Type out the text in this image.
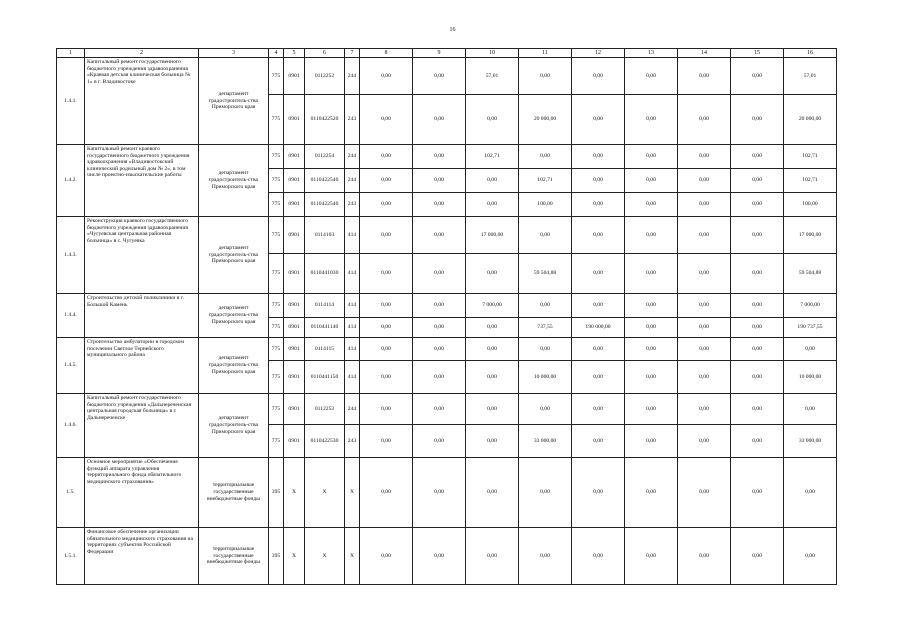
16
1	2	3	4	5	6	7	8	9	10	11	12	13	14	15	16
1.4.1.	Капитальный ремонт государственного бюджетного учреждения здравоохранения «Краевая детская клиническая больница № 1» в г. Владивостоке	департамент градостроитель-ства Приморского края	775	0901	0112252	244	0,00	0,00	57,01	0,00	0,00	0,00	0,00	0,00	57,01
			775	0901	0110422520	243	0,00	0,00	0,00	20 000,00	0,00	0,00	0,00	0,00	20 000,00
1.4.2.	Капитальный ремонт краевого государственного бюджетного учреждения здравоохранения «Владивостокский клинический родильный дом № 2», в том числе проектно-изыскательские работы	департамент градостроитель-ства Приморского края	775	0901	0112254	244	0,00	0,00	102,71	0,00	0,00	0,00	0,00	0,00	102,71
			775	0901	0110422540	244	0,00	0,00	0,00	102,71	0,00	0,00	0,00	0,00	102,71
			775	0901	0110422540	243	0,00	0,00	0,00	100,00	0,00	0,00	0,00	0,00	100,00
1.4.3.	Реконструкция краевого государственного бюджетного учреждения здравоохранения «Чугуевская центральная районная больница» в с. Чугуевка	департамент градостроитель-ства Приморского края	775	0901	0114103	414	0,00	0,00	17 000,00	0,00	0,00	0,00	0,00	0,00	17 000,00
			775	0901	0110441030	414	0,00	0,00	0,00	59 504,88	0,00	0,00	0,00	0,00	59 504,88
1.4.4.	Строительство детской поликлиники в г. Большой Камень	департамент градостроитель-ства Приморского края	775	0901	0114114	414	0,00	0,00	7 000,00	0,00	0,00	0,00	0,00	0,00	7 000,00
			775	0901	0110441140	414	0,00	0,00	0,00	737,55	190 000,00	0,00	0,00	0,00	190 737,55
1.4.5.	Строительство амбулатории в городском поселении Светлое Тернейского муниципального района	департамент градостроитель-ства Приморского края	775	0901	0114115	414	0,00	0,00	0,00	0,00	0,00	0,00	0,00	0,00	0,00
			775	0901	0110441150	414	0,00	0,00	0,00	10 000,00	0,00	0,00	0,00	0,00	10 000,00
1.4.6.	Капитальный ремонт государственного бюджетного учреждения «Дальнереченская центральная городская больница» в г. Дальнереченске	департамент градостроитель-ства Приморского края	775	0901	0112253	244	0,00	0,00	0,00	0,00	0,00	0,00	0,00	0,00	0,00
			775	0901	0110422530	243	0,00	0,00	0,00	33 000,00	0,00	0,00	0,00	0,00	33 000,00
1.5.	Основное мероприятие «Обеспечение функций аппарата управления территориального фонда обязательного медицинского страхования»	территориальные государственные внебюджетные фонды	395	X	X	X	0,00	0,00	0,00	0,00	0,00	0,00	0,00	0,00	0,00
1.5.1.	Финансовое обеспечение организации обязательного медицинского страхования на территориях субъектов Российской Федерации	территориальные государственные внебюджетные фонды	395	X	X	X	0,00	0,00	0,00	0,00	0,00	0,00	0,00	0,00	0,00
